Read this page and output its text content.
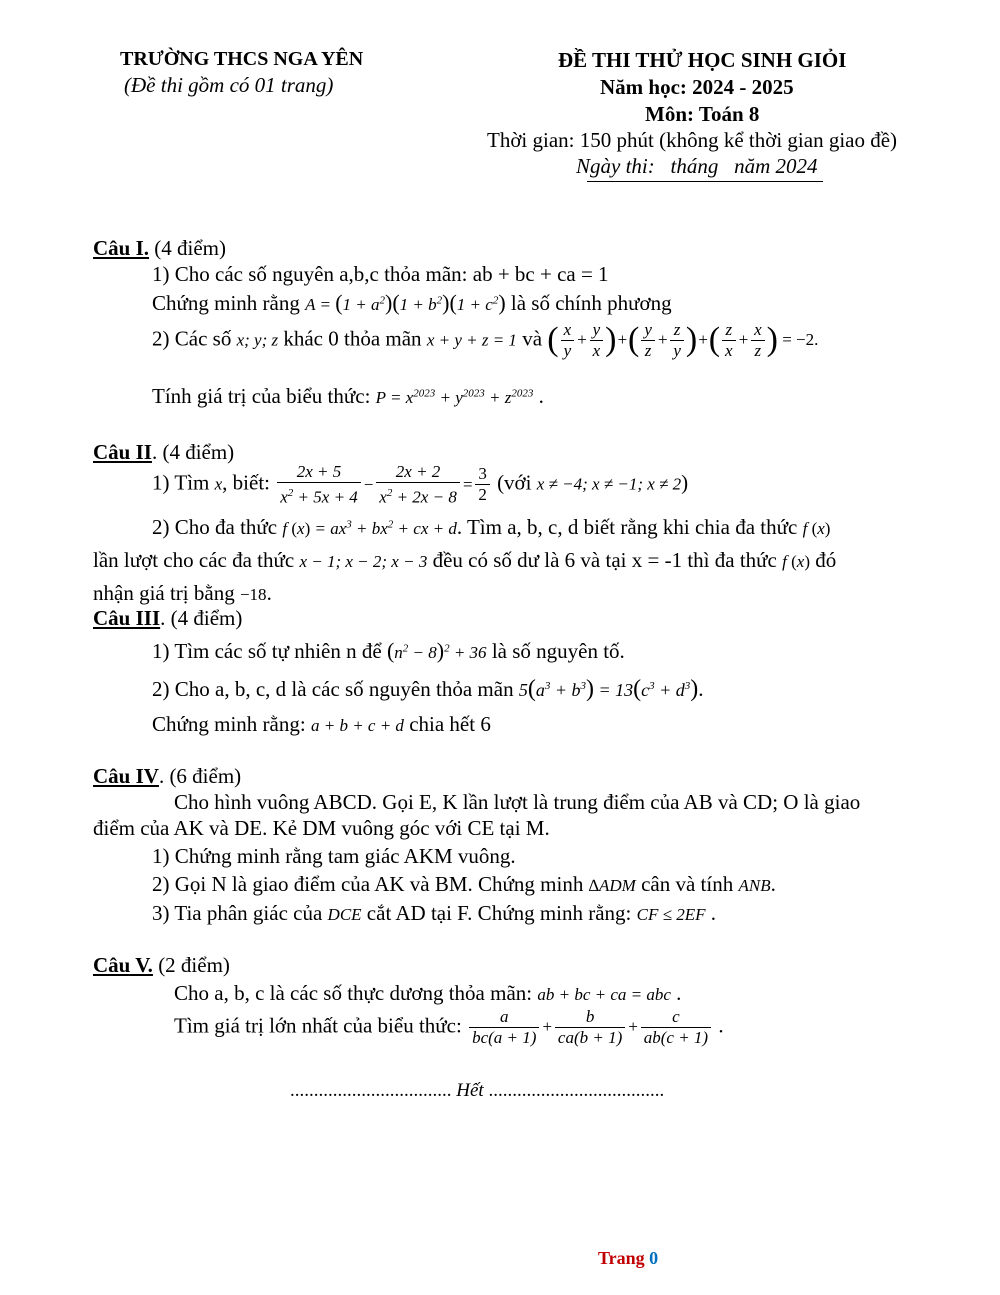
TRƯỜNG THCS NGA YÊN
(Đề thi gồm có 01 trang)
ĐỀ THI THỬ HỌC SINH GIỎI
Năm học: 2024 - 2025
Môn: Toán 8
Thời gian: 150 phút (không kể thời gian giao đề)
Ngày thi:   tháng   năm 2024
Câu I. (4 điểm)
1) Cho các số nguyên a,b,c thỏa mãn: ab + bc + ca = 1
Chứng minh rằng $A = (1 + a^2)(1 + b^2)(1 + c^2)$ là số chính phương
2) Các số x; y; z khác 0 thỏa mãn x + y + z = 1 và ( $\frac{x}{y} + \frac{y}{x}$ )+( $\frac{y}{z} + \frac{z}{y}$ )+( $\frac{z}{x} + \frac{x}{z}$ ) = −2.
Tính giá trị của biểu thức: $P = x^{2023} + y^{2023} + z^{2023}$ .
Câu II. (4 điểm)
1) Tìm x, biết: $\frac{2x + 5}{x^2 + 5x + 4} - \frac{2x + 2}{x^2 + 2x - 8} = \frac{3}{2}$ (với x ≠ −4; x ≠ −1; x ≠ 2)
2) Cho đa thức f $(x) = ax^3 + bx^2$ + cx + d. Tìm a, b, c, d biết rằng khi chia đa thức f (x)
lần lượt cho các đa thức x − 1; x − 2; x − 3 đều có số dư là 6 và tại x = -1 thì đa thức f (x) đó
nhận giá trị bằng −18.
Câu III. (4 điểm)
1) Tìm các số tự nhiên n để $(n^2 - 8)^2 + 36$ là số nguyên tố.
2) Cho a, b, c, d là các số nguyên thỏa mãn $5(a^3 + b^3) = 13(c^3 + d^3)$.
Chứng minh rằng: a + b + c + d chia hết 6
Câu IV. (6 điểm)
Cho hình vuông ABCD. Gọi E, K lần lượt là trung điểm của AB và CD; O là giao
điểm của AK và DE. Kẻ DM vuông góc với CE tại M.
1) Chứng minh rằng tam giác AKM vuông.
2) Gọi N là giao điểm của AK và BM. Chứng minh ∆ADM cân và tính ANB.
3) Tia phân giác của DCE cắt AD tại F. Chứng minh rằng: CF ≤ 2EF .
Câu V. (2 điểm)
Cho a, b, c là các số thực dương thỏa mãn: ab + bc + ca = abc .
Tìm giá trị lớn nhất của biểu thức: $\frac{a}{bc(a + 1)} + \frac{b}{ca(b + 1)} + \frac{c}{ab(c + 1)}$ .
.................................. Hết .....................................
Trang 0
